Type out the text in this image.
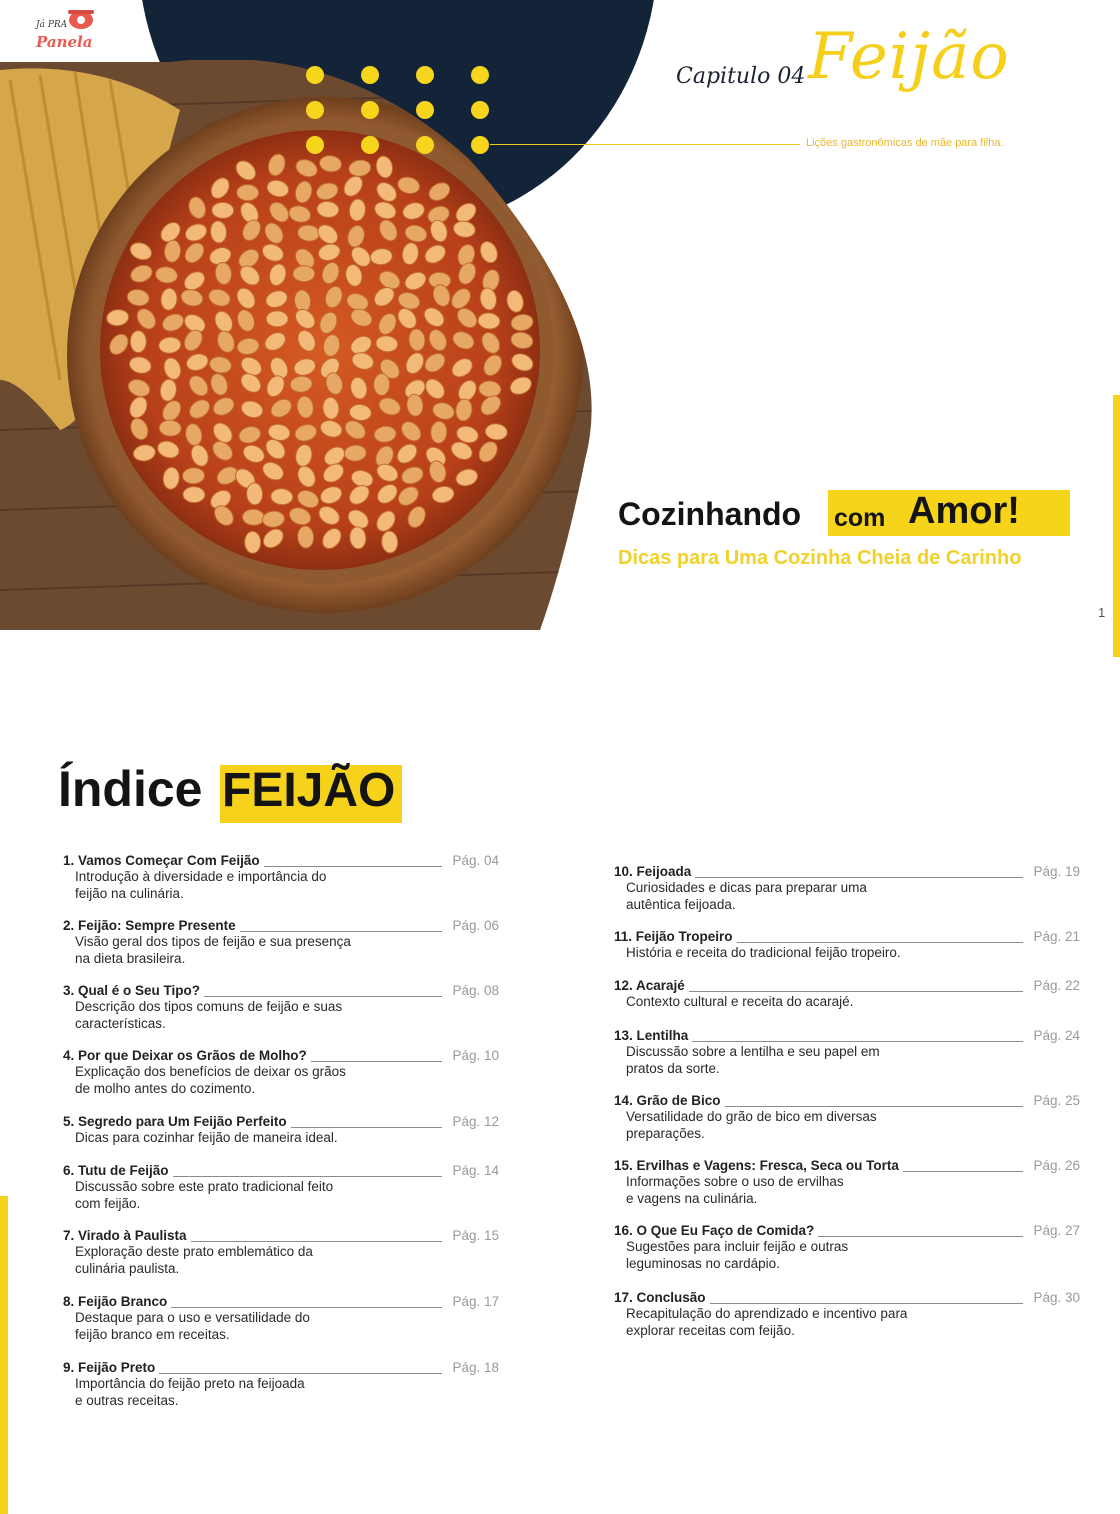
Já PRA
Panela
Capitulo 04 Feijão
Lições gastronômicas de mãe para filha.
Cozinhando com Amor!
Dicas para Uma Cozinha Cheia de Carinho
1
Índice FEIJÃO
1. Vamos Começar Com Feijão	Pág. 04
Introdução à diversidade e importância do
feijão na culinária.
2. Feijão: Sempre Presente	Pág. 06
Visão geral dos tipos de feijão e sua presença
na dieta brasileira.
3. Qual é o Seu Tipo?	Pág. 08
Descrição dos tipos comuns de feijão e suas
características.
4. Por que Deixar os Grãos de Molho?	Pág. 10
Explicação dos benefícios de deixar os grãos
de molho antes do cozimento.
5. Segredo para Um Feijão Perfeito	Pág. 12
Dicas para cozinhar feijão de maneira ideal.
6. Tutu de Feijão	Pág. 14
Discussão sobre este prato tradicional feito
com feijão.
7. Virado à Paulista	Pág. 15
Exploração deste prato emblemático da
culinária paulista.
8. Feijão Branco	Pág. 17
Destaque para o uso e versatilidade do
feijão branco em receitas.
9. Feijão Preto	Pág. 18
Importância do feijão preto na feijoada
e outras receitas.
10. Feijoada	Pág. 19
Curiosidades e dicas para preparar uma
autêntica feijoada.
11. Feijão Tropeiro	Pág. 21
História e receita do tradicional feijão tropeiro.
12. Acarajé	Pág. 22
Contexto cultural e receita do acarajé.
13. Lentilha	Pág. 24
Discussão sobre a lentilha e seu papel em
pratos da sorte.
14. Grão de Bico	Pág. 25
Versatilidade do grão de bico em diversas
preparações.
15. Ervilhas e Vagens: Fresca, Seca ou Torta	Pág. 26
Informações sobre o uso de ervilhas
e vagens na culinária.
16. O Que Eu Faço de Comida?	Pág. 27
Sugestões para incluir feijão e outras
leguminosas no cardápio.
17. Conclusão	Pág. 30
Recapitulação do aprendizado e incentivo para
explorar receitas com feijão.
